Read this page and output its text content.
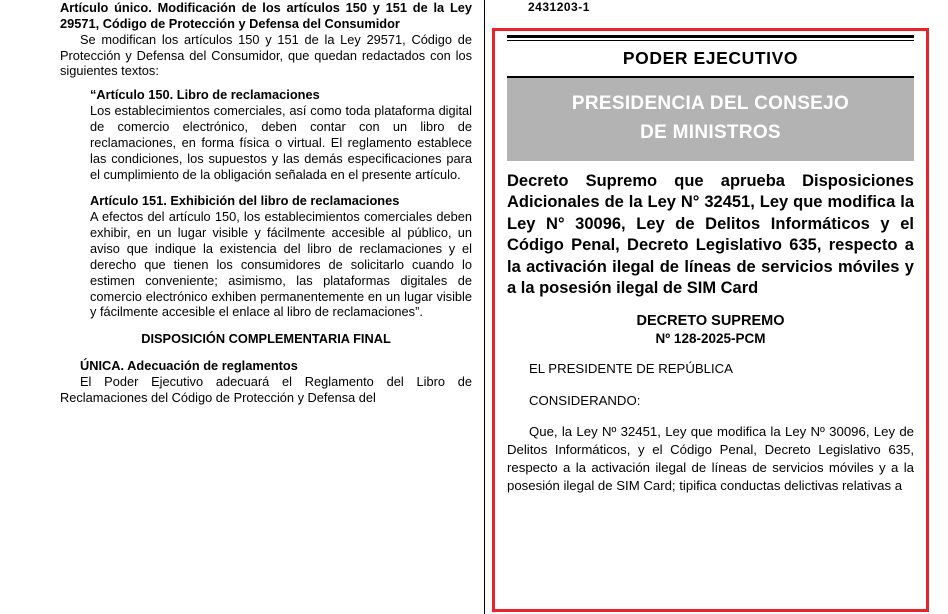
Artículo único. Modificación de los artículos 150 y 151 de la Ley 29571, Código de Protección y Defensa del Consumidor

Se modifican los artículos 150 y 151 de la Ley 29571, Código de Protección y Defensa del Consumidor, que quedan redactados con los siguientes textos:

“Artículo 150. Libro de reclamaciones

Los establecimientos comerciales, así como toda plataforma digital de comercio electrónico, deben contar con un libro de reclamaciones, en forma física o virtual. El reglamento establece las condiciones, los supuestos y las demás especificaciones para el cumplimiento de la obligación señalada en el presente artículo.

Artículo 151. Exhibición del libro de reclamaciones

A efectos del artículo 150, los establecimientos comerciales deben exhibir, en un lugar visible y fácilmente accesible al público, un aviso que indique la existencia del libro de reclamaciones y el derecho que tienen los consumidores de solicitarlo cuando lo estimen conveniente; asimismo, las plataformas digitales de comercio electrónico exhiben permanentemente en un lugar visible y fácilmente accesible el enlace al libro de reclamaciones”.

DISPOSICIÓN COMPLEMENTARIA FINAL

ÚNICA. Adecuación de reglamentos

El Poder Ejecutivo adecuará el Reglamento del Libro de Reclamaciones del Código de Protección y Defensa del

2431203-1
PODER EJECUTIVO
PRESIDENCIA DEL CONSEJO
DE MINISTROS
Decreto Supremo que aprueba Disposiciones Adicionales de la Ley N° 32451, Ley que modifica la Ley N° 30096, Ley de Delitos Informáticos y el Código Penal, Decreto Legislativo 635, respecto a la activación ilegal de líneas de servicios móviles y a la posesión ilegal de SIM Card
DECRETO SUPREMO
Nº 128-2025-PCM
EL PRESIDENTE DE REPÚBLICA
CONSIDERANDO:
Que, la Ley Nº 32451, Ley que modifica la Ley Nº 30096, Ley de Delitos Informáticos, y el Código Penal, Decreto Legislativo 635, respecto a la activación ilegal de líneas de servicios móviles y a la posesión ilegal de SIM Card; tipifica conductas delictivas relativas a
